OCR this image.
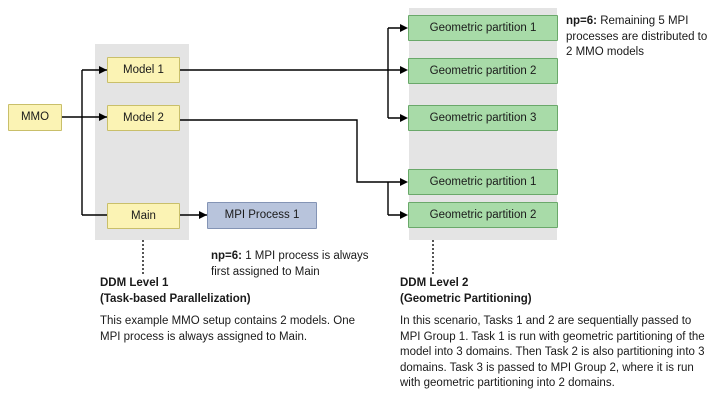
MMO
Model 1
Model 2
Main	MPI Process 1
Geometric partition 1
Geometric partition 2
Geometric partition 3
Geometric partition 1
Geometric partition 2
np=6: Remaining 5 MPI processes are distributed to 2 MMO models
np=6: 1 MPI process is always first assigned to Main
DDM Level 1
(Task-based Parallelization)
This example MMO setup contains 2 models. One MPI process is always assigned to Main.
DDM Level 2
(Geometric Partitioning)
In this scenario, Tasks 1 and 2 are sequentially passed to MPI Group 1. Task 1 is run with geometric partitioning of the model into 3 domains. Then Task 2 is also partitioning into 3 domains. Task 3 is passed to MPI Group 2, where it is run with geometric partitioning into 2 domains.
